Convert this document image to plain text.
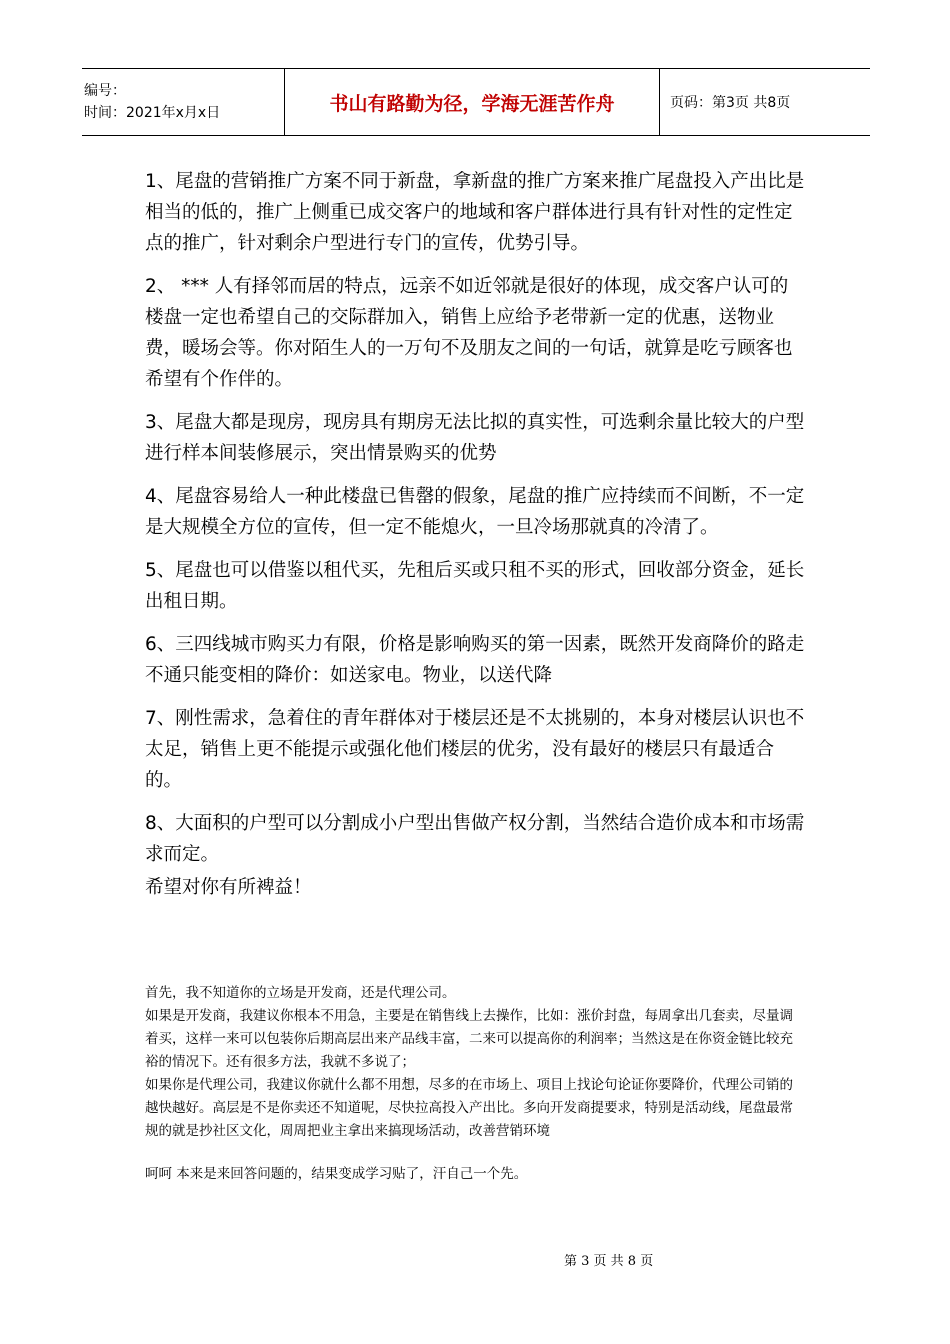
编号：
时间：2021年x月x日	书山有路勤为径，学海无涯苦作舟	页码：第3页 共8页

1、尾盘的营销推广方案不同于新盘，拿新盘的推广方案来推广尾盘投入产出比是相当的低的，推广上侧重已成交客户的地域和客户群体进行具有针对性的定性定点的推广，针对剩余户型进行专门的宣传，优势引导。

2、 *** 人有择邻而居的特点，远亲不如近邻就是很好的体现，成交客户认可的楼盘一定也希望自己的交际群加入，销售上应给予老带新一定的优惠，送物业费，暖场会等。你对陌生人的一万句不及朋友之间的一句话，就算是吃亏顾客也希望有个作伴的。

3、尾盘大都是现房，现房具有期房无法比拟的真实性，可选剩余量比较大的户型进行样本间装修展示，突出情景购买的优势

4、尾盘容易给人一种此楼盘已售罄的假象，尾盘的推广应持续而不间断，不一定是大规模全方位的宣传，但一定不能熄火，一旦冷场那就真的冷清了。

5、尾盘也可以借鉴以租代买，先租后买或只租不买的形式，回收部分资金，延长出租日期。

6、三四线城市购买力有限，价格是影响购买的第一因素，既然开发商降价的路走不通只能变相的降价：如送家电。物业，以送代降

7、刚性需求，急着住的青年群体对于楼层还是不太挑剔的，本身对楼层认识也不太足，销售上更不能提示或强化他们楼层的优劣，没有最好的楼层只有最适合的。

8、大面积的户型可以分割成小户型出售做产权分割，当然结合造价成本和市场需求而定。

希望对你有所裨益！

首先，我不知道你的立场是开发商，还是代理公司。

如果是开发商，我建议你根本不用急，主要是在销售线上去操作，比如：涨价封盘，每周拿出几套卖，尽量调着买，这样一来可以包装你后期高层出来产品线丰富，二来可以提高你的利润率；当然这是在你资金链比较充裕的情况下。还有很多方法，我就不多说了；

如果你是代理公司，我建议你就什么都不用想，尽多的在市场上、项目上找论句论证你要降价，代理公司销的越快越好。高层是不是你卖还不知道呢，尽快拉高投入产出比。多向开发商提要求，特别是活动线，尾盘最常规的就是抄社区文化，周周把业主拿出来搞现场活动，改善营销环境

呵呵 本来是来回答问题的，结果变成学习贴了，汗自己一个先。

第 3 页 共 8 页
